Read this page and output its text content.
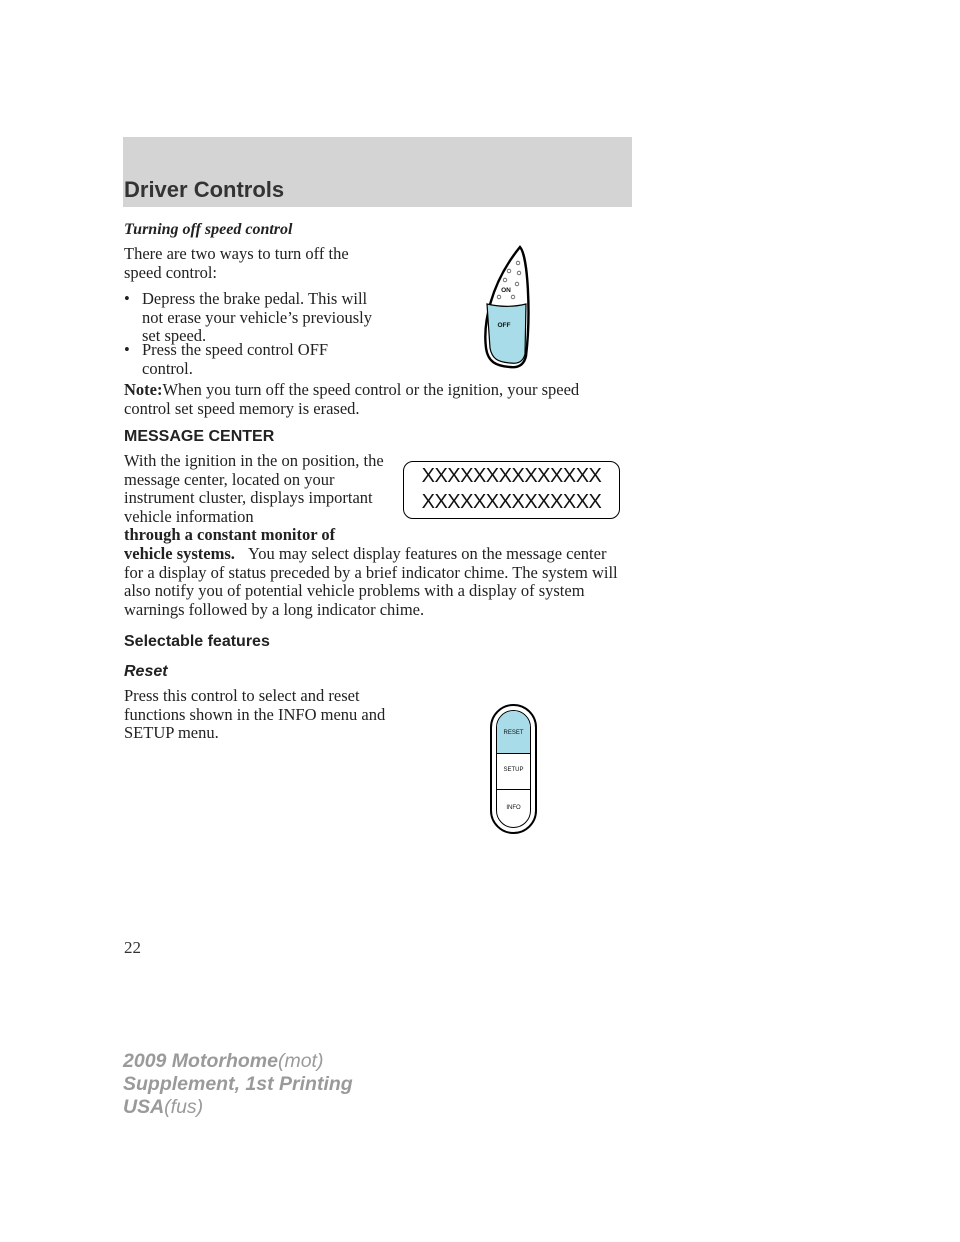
Driver Controls
Turning off speed control
There are two ways to turn off the speed control:
• Depress the brake pedal. This will not erase your vehicle’s previously set speed.
• Press the speed control OFF control.

Note:When you turn off the speed control or the ignition, your speed control set speed memory is erased.

ON
OFF
MESSAGE CENTER

With the ignition in the on position, the message center, located on your instrument cluster, displays important vehicle information
through a constant monitor of vehicle systems. You may select display features on the message center for a display of status preceded by a brief indicator chime. The system will also notify you of potential vehicle problems with a display of system warnings followed by a long indicator chime.
XXXXXXXXXXXXXX
XXXXXXXXXXXXXX
Selectable features
Reset
Press this control to select and reset functions shown in the INFO menu and SETUP menu.	RESET
SETUP
INFO
22
2009 Motorhome(mot)
Supplement, 1st Printing
USA(fus)
